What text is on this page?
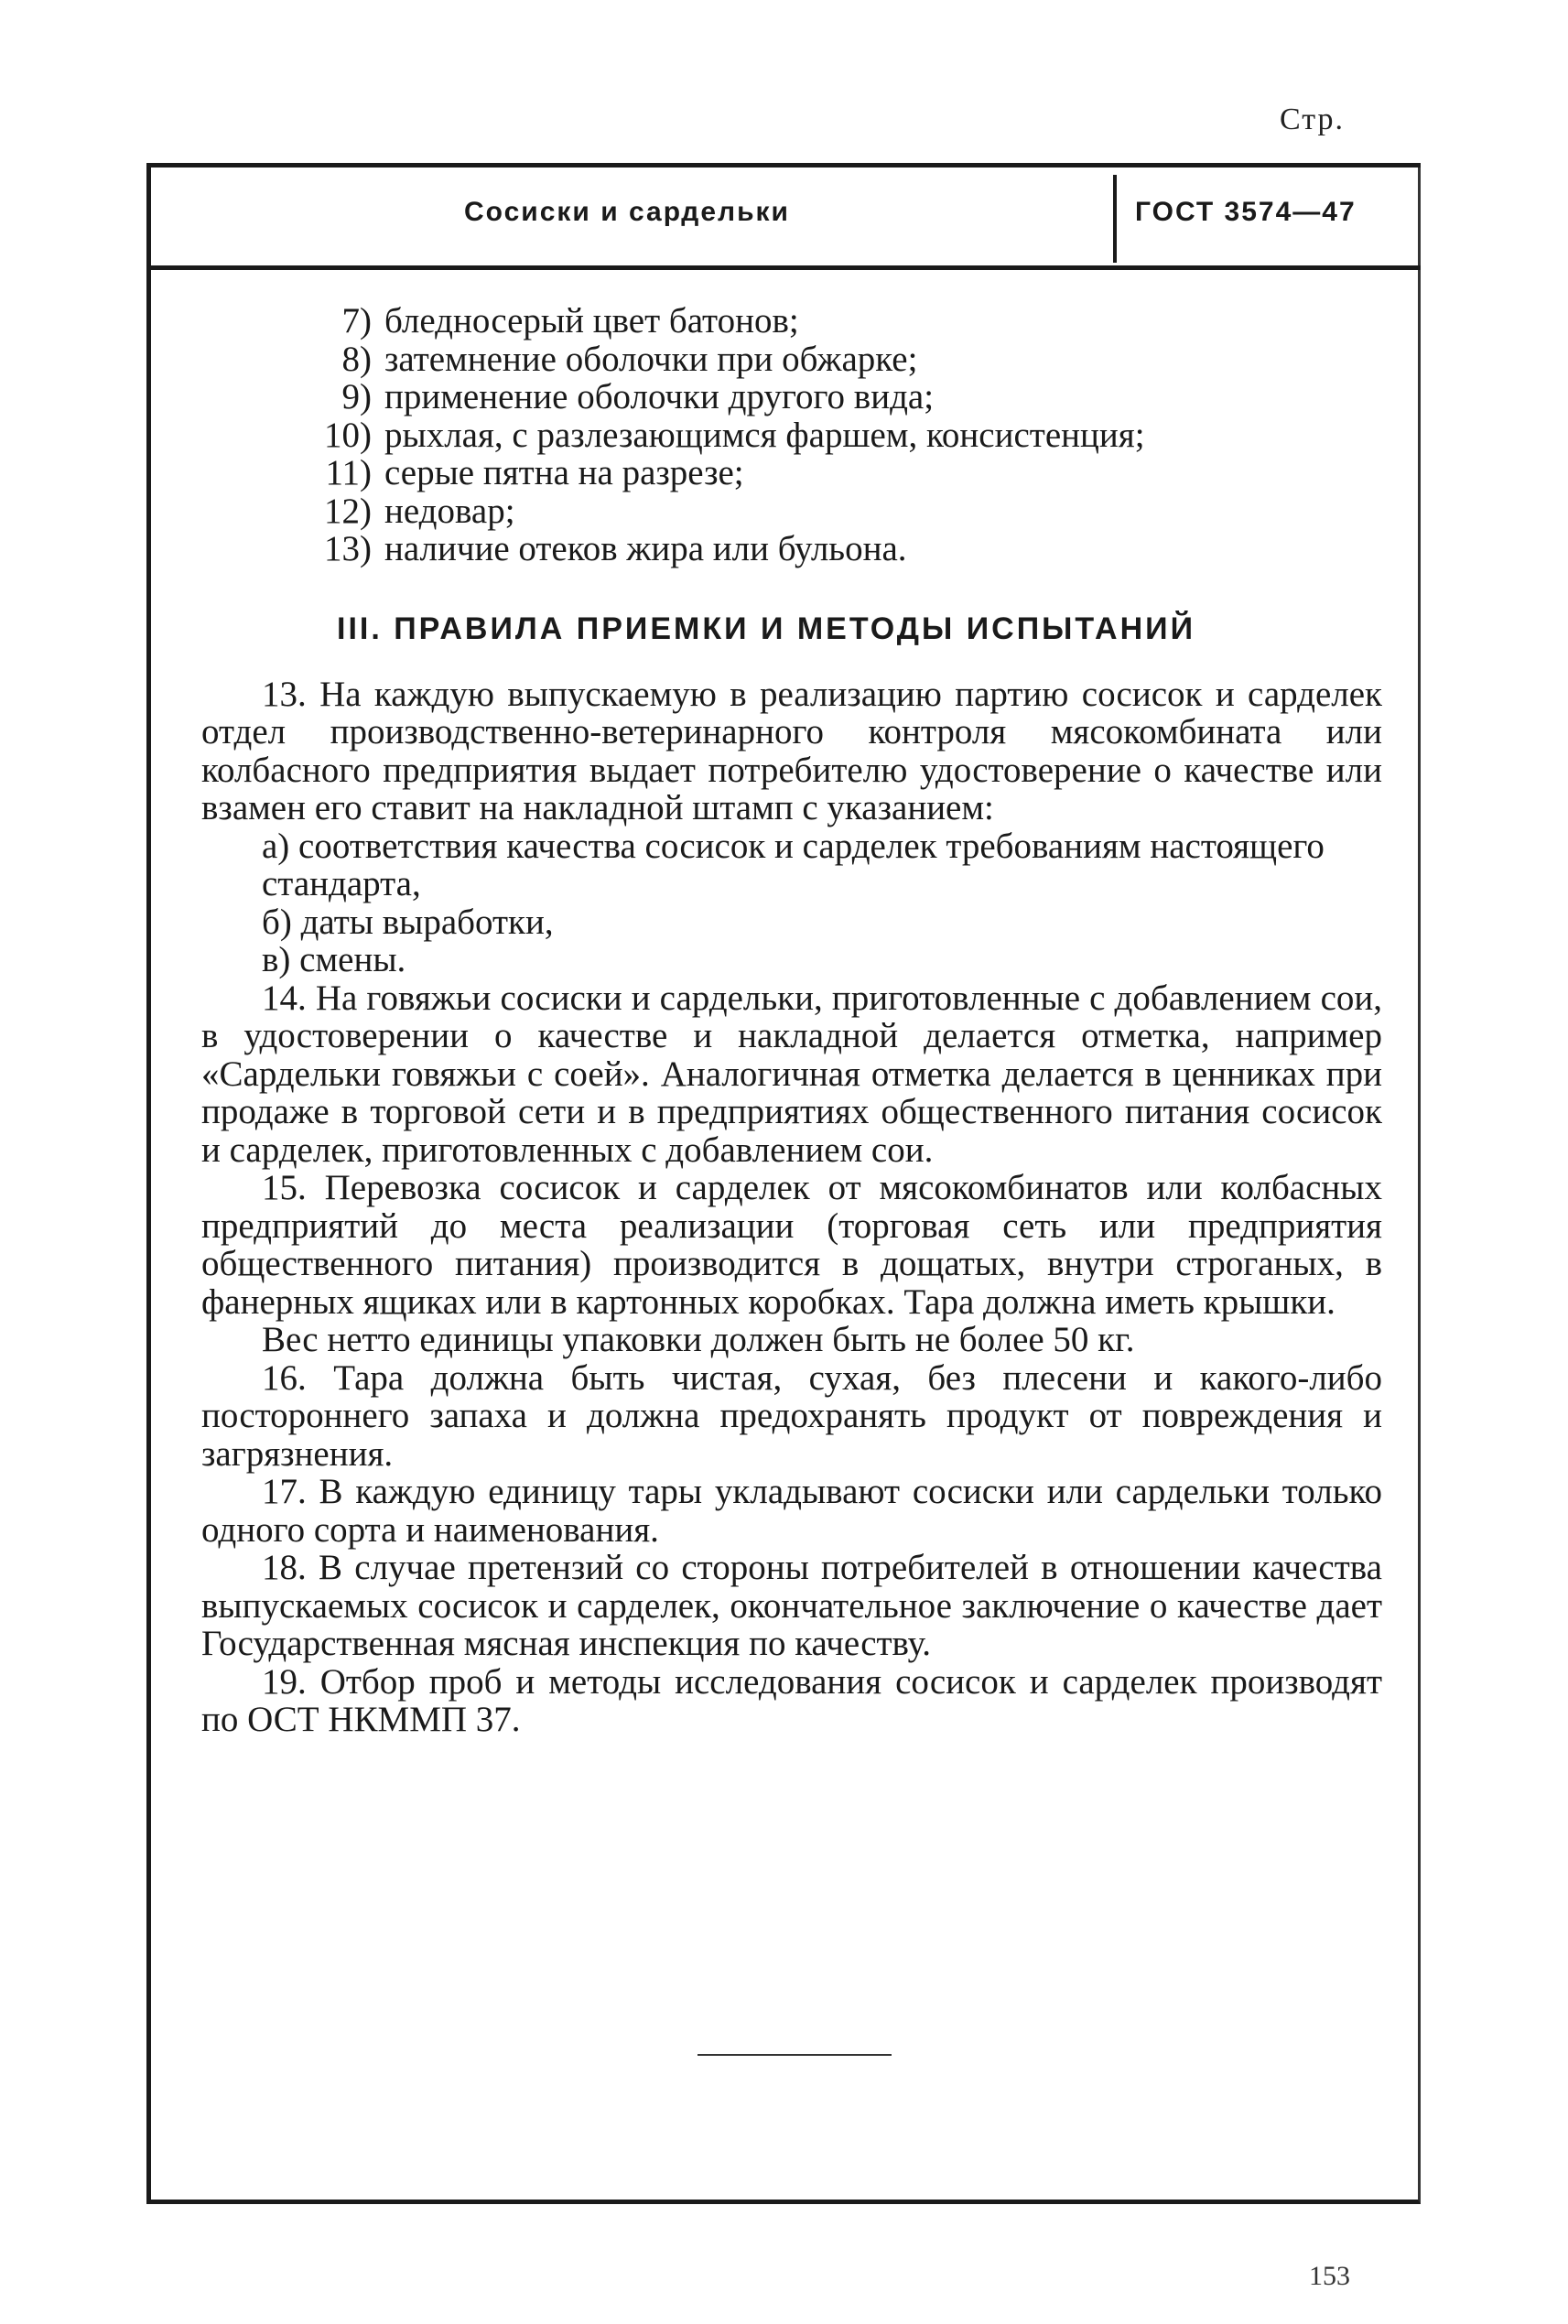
Стр.
Сосиски и сардельки	ГОСТ 3574—47
7) бледносерый цвет батонов;
8) затемнение оболочки при обжарке;
9) применение оболочки другого вида;
10) рыхлая, с разлезающимся фаршем, консистенция;
11) серые пятна на разрезе;
12) недовар;
13) наличие отеков жира или бульона.
III. ПРАВИЛА ПРИЕМКИ И МЕТОДЫ ИСПЫТАНИЙ

13. На каждую выпускаемую в реализацию партию сосисок и сарделек отдел производственно-ветеринарного контроля мясокомбината или колбасного предприятия выдает потребителю удостоверение о качестве или взамен его ставит на накладной штамп с указанием:

а) соответствия качества сосисок и сарделек требованиям настоящего стандарта,

б) даты выработки,

в) смены.

14. На говяжьи сосиски и сардельки, приготовленные с добавлением сои, в удостоверении о качестве и накладной делается отметка, например «Сардельки говяжьи с соей». Аналогичная отметка делается в ценниках при продаже в торговой сети и в предприятиях общественного питания сосисок и сарделек, приготовленных с добавлением сои.

15. Перевозка сосисок и сарделек от мясокомбинатов или колбасных предприятий до места реализации (торговая сеть или предприятия общественного питания) производится в дощатых, внутри строганых, в фанерных ящиках или в картонных коробках. Тара должна иметь крышки.

Вес нетто единицы упаковки должен быть не более 50 кг.

16. Тара должна быть чистая, сухая, без плесени и какого-либо постороннего запаха и должна предохранять продукт от повреждения и загрязнения.

17. В каждую единицу тары укладывают сосиски или сардельки только одного сорта и наименования.

18. В случае претензий со стороны потребителей в отношении качества выпускаемых сосисок и сарделек, окончательное заключение о качестве дает Государственная мясная инспекция по качеству.

19. Отбор проб и методы исследования сосисок и сарделек производят по ОСТ НКММП 37.

153
